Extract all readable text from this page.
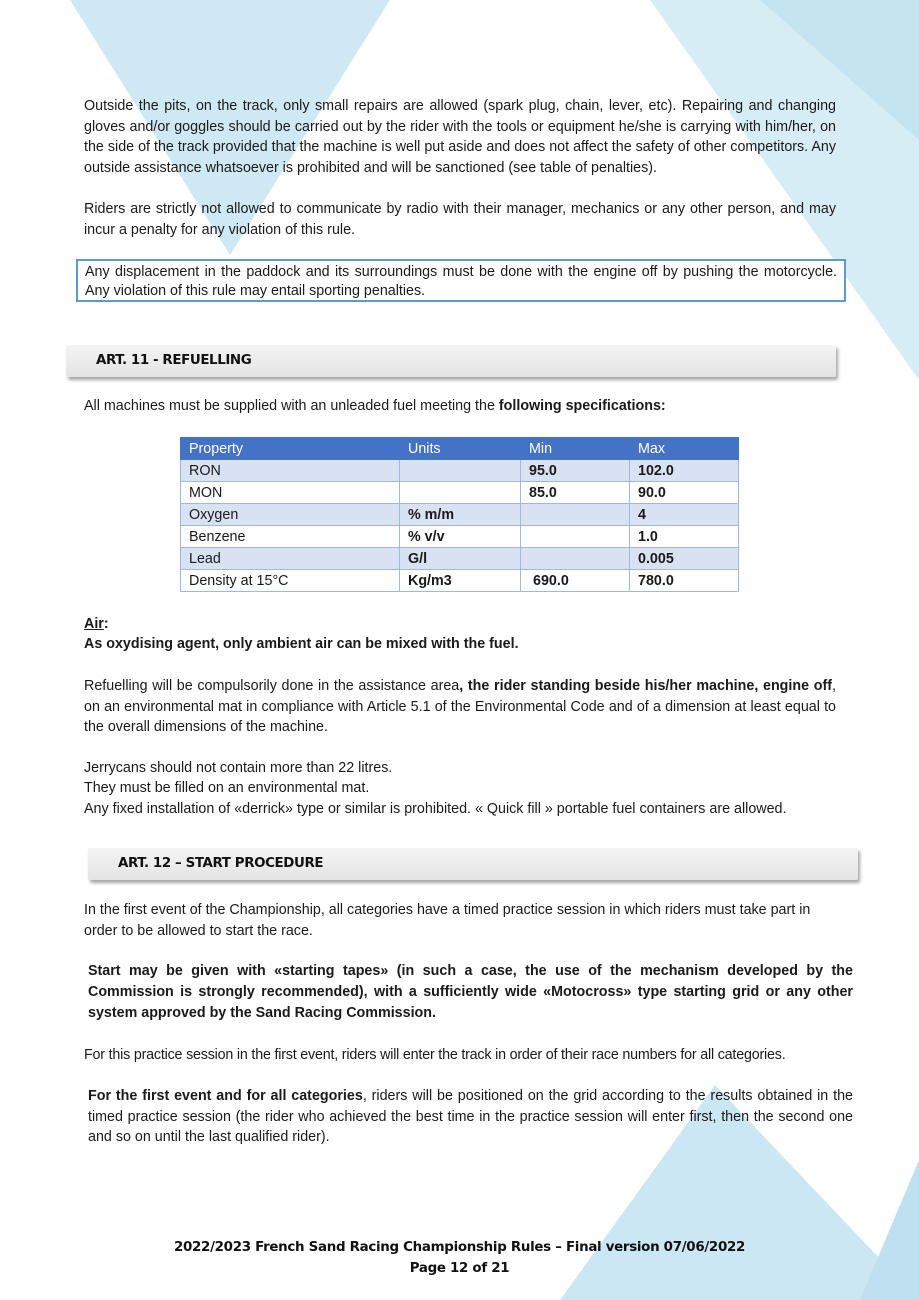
Outside the pits, on the track, only small repairs are allowed (spark plug, chain, lever, etc). Repairing and changing gloves and/or goggles should be carried out by the rider with the tools or equipment he/she is carrying with him/her, on the side of the track provided that the machine is well put aside and does not affect the safety of other competitors. Any outside assistance whatsoever is prohibited and will be sanctioned (see table of penalties).

Riders are strictly not allowed to communicate by radio with their manager, mechanics or any other person, and may incur a penalty for any violation of this rule.

Any displacement in the paddock and its surroundings must be done with the engine off by pushing the motorcycle. Any violation of this rule may entail sporting penalties.

ART. 11 - REFUELLING

All machines must be supplied with an unleaded fuel meeting the following specifications:

Property	Units	Min	Max
RON		95.0	102.0
MON		85.0	90.0
Oxygen	% m/m		4
Benzene	% v/v		1.0
Lead	G/l		0.005
Density at 15°C	Kg/m3	690.0	780.0

Air:

As oxydising agent, only ambient air can be mixed with the fuel.

Refuelling will be compulsorily done in the assistance area, the rider standing beside his/her machine, engine off, on an environmental mat in compliance with Article 5.1 of the Environmental Code and of a dimension at least equal to the overall dimensions of the machine.

Jerrycans should not contain more than 22 litres.

They must be filled on an environmental mat.

Any fixed installation of «derrick» type or similar is prohibited. « Quick fill » portable fuel containers are allowed.

ART. 12 – START PROCEDURE

In the first event of the Championship, all categories have a timed practice session in which riders must take part in order to be allowed to start the race.

Start may be given with «starting tapes» (in such a case, the use of the mechanism developed by the Commission is strongly recommended), with a sufficiently wide «Motocross» type starting grid or any other system approved by the Sand Racing Commission.

For this practice session in the first event, riders will enter the track in order of their race numbers for all categories.

For the first event and for all categories, riders will be positioned on the grid according to the results obtained in the timed practice session (the rider who achieved the best time in the practice session will enter first, then the second one and so on until the last qualified rider).

2022/2023 French Sand Racing Championship Rules – Final version 07/06/2022
Page 12 of 21
